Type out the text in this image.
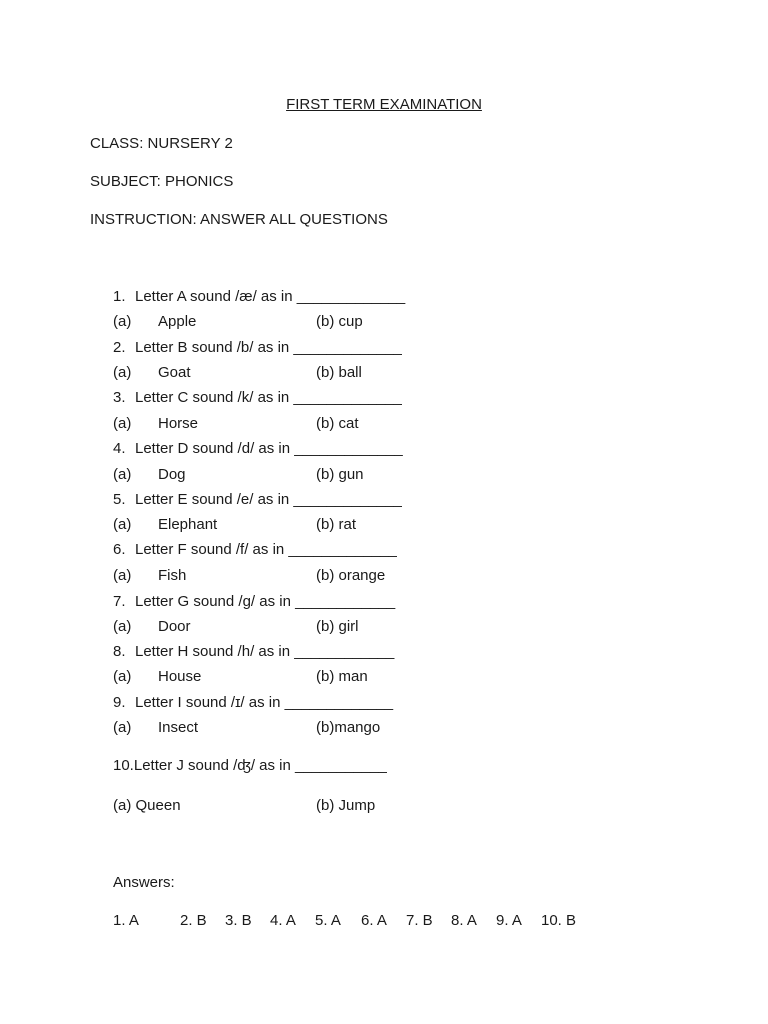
FIRST TERM EXAMINATION
CLASS: NURSERY 2
SUBJECT: PHONICS
INSTRUCTION: ANSWER ALL QUESTIONS
1. Letter A sound /æ/ as in _____________
(a) Apple	(b) cup
2. Letter B sound /b/ as in _____________
(a) Goat	(b) ball
3. Letter C sound /k/ as in _____________
(a) Horse	(b) cat
4. Letter D sound /d/ as in _____________
(a) Dog	(b) gun
5. Letter E sound /e/ as in _____________
(a) Elephant	(b) rat
6. Letter F sound /f/ as in _____________
(a) Fish	(b) orange
7. Letter G sound /g/ as in ____________
(a) Door	(b) girl
8. Letter H sound /h/ as in ____________
(a) House	(b) man
9. Letter I sound /ɪ/ as in _____________
(a) Insect	(b)mango
10.Letter J sound /ʤ/ as in ___________
(a) Queen	(b) Jump
Answers:
1. A	2. B 3. B 4. A 5. A 6. A 7. B 8. A 9. A 10. B
